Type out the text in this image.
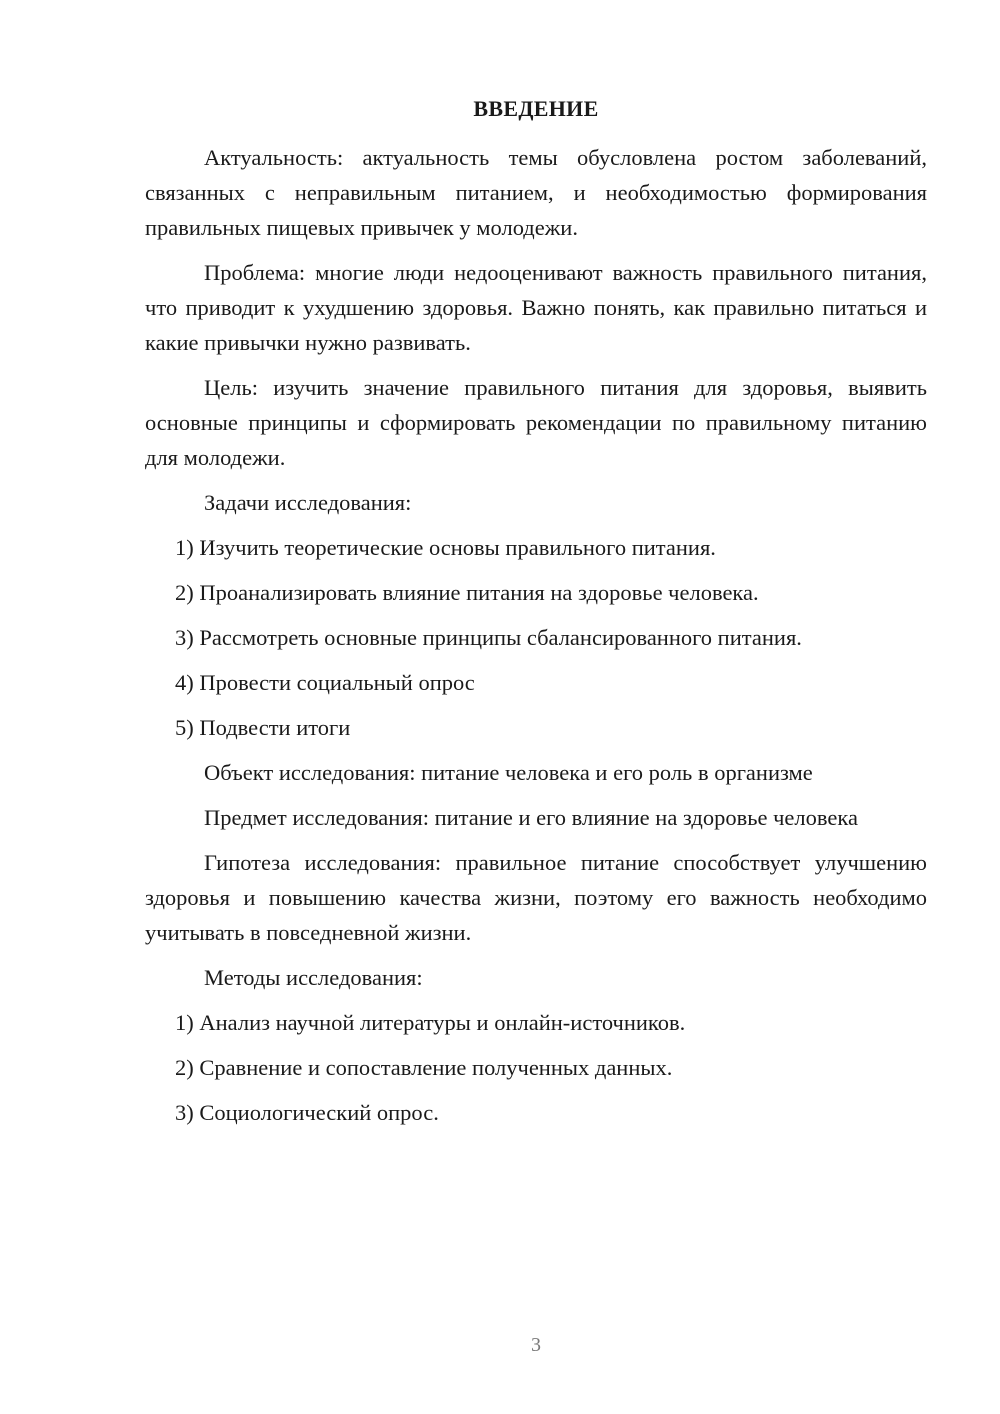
ВВЕДЕНИЕ

Актуальность: актуальность темы обусловлена ростом заболеваний, связанных с неправильным питанием, и необходимостью формирования правильных пищевых привычек у молодежи.

Проблема: многие люди недооценивают важность правильного питания, что приводит к ухудшению здоровья. Важно понять, как правильно питаться и какие привычки нужно развивать.

Цель: изучить значение правильного питания для здоровья, выявить основные принципы и сформировать рекомендации по правильному питанию для молодежи.

Задачи исследования:

1) Изучить теоретические основы правильного питания.

2) Проанализировать влияние питания на здоровье человека.

3) Рассмотреть основные принципы сбалансированного питания.

4) Провести социальный опрос

5) Подвести итоги

Объект исследования: питание человека и его роль в организме

Предмет исследования: питание и его влияние на здоровье человека

Гипотеза исследования: правильное питание способствует улучшению здоровья и повышению качества жизни, поэтому его важность необходимо учитывать в повседневной жизни.

Методы исследования:

1) Анализ научной литературы и онлайн-источников.

2) Сравнение и сопоставление полученных данных.

3) Социологический опрос.

3
